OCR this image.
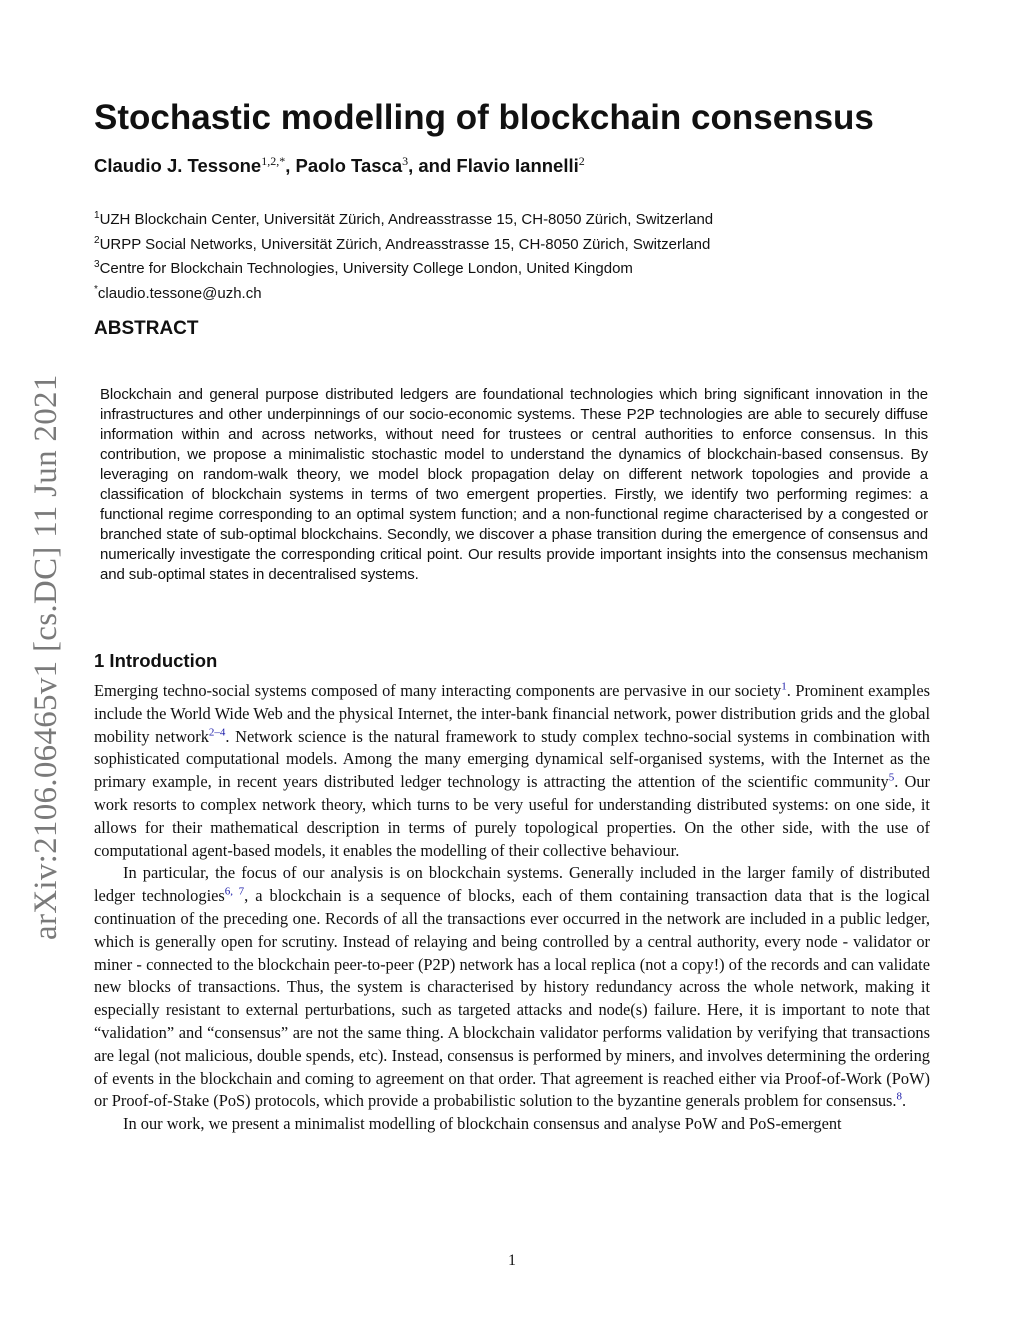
arXiv:2106.06465v1 [cs.DC] 11 Jun 2021
Stochastic modelling of blockchain consensus
Claudio J. Tessone$^{1,2,*}$, Paolo Tasca$^3$, and Flavio Iannelli$^2$
$^1$UZH Blockchain Center, Universität Zürich, Andreasstrasse 15, CH-8050 Zürich, Switzerland
$^2$URPP Social Networks, Universität Zürich, Andreasstrasse 15, CH-8050 Zürich, Switzerland
$^3$Centre for Blockchain Technologies, University College London, United Kingdom
*claudio.tessone@uzh.ch
ABSTRACT

Blockchain and general purpose distributed ledgers are foundational technologies which bring significant innovation in the infrastructures and other underpinnings of our socio-economic systems. These P2P technologies are able to securely diffuse information within and across networks, without need for trustees or central authorities to enforce consensus. In this contribution, we propose a minimalistic stochastic model to understand the dynamics of blockchain-based consensus. By leveraging on random-walk theory, we model block propagation delay on different network topologies and provide a classification of blockchain systems in terms of two emergent properties. Firstly, we identify two performing regimes: a functional regime corresponding to an optimal system function; and a non-functional regime characterised by a congested or branched state of sub-optimal blockchains. Secondly, we discover a phase transition during the emergence of consensus and numerically investigate the corresponding critical point. Our results provide important insights into the consensus mechanism and sub-optimal states in decentralised systems.

1 Introduction

Emerging techno-social systems composed of many interacting components are pervasive in our society$^1$. Prominent examples include the World Wide Web and the physical Internet, the inter-bank financial network, power distribution grids and the global mobility network$^{2-4}$. Network science is the natural framework to study complex techno-social systems in combination with sophisticated computational models. Among the many emerging dynamical self-organised systems, with the Internet as the primary example, in recent years distributed ledger technology is attracting the attention of the scientific community$^5$. Our work resorts to complex network theory, which turns to be very useful for understanding distributed systems: on one side, it allows for their mathematical description in terms of purely topological properties. On the other side, with the use of computational agent-based models, it enables the modelling of their collective behaviour.

In particular, the focus of our analysis is on blockchain systems. Generally included in the larger family of distributed ledger technologies$^{6, 7}$, a blockchain is a sequence of blocks, each of them containing transaction data that is the logical continuation of the preceding one. Records of all the transactions ever occurred in the network are included in a public ledger, which is generally open for scrutiny. Instead of relaying and being controlled by a central authority, every node - validator or miner - connected to the blockchain peer-to-peer (P2P) network has a local replica (not a copy!) of the records and can validate new blocks of transactions. Thus, the system is characterised by history redundancy across the whole network, making it especially resistant to external perturbations, such as targeted attacks and node(s) failure. Here, it is important to note that “validation” and “consensus” are not the same thing. A blockchain validator performs validation by verifying that transactions are legal (not malicious, double spends, etc). Instead, consensus is performed by miners, and involves determining the ordering of events in the blockchain and coming to agreement on that order. That agreement is reached either via Proof-of-Work (PoW) or Proof-of-Stake (PoS) protocols, which provide a probabilistic solution to the byzantine generals problem for consensus.$^8$.

In our work, we present a minimalist modelling of blockchain consensus and analyse PoW and PoS-emergent

1
